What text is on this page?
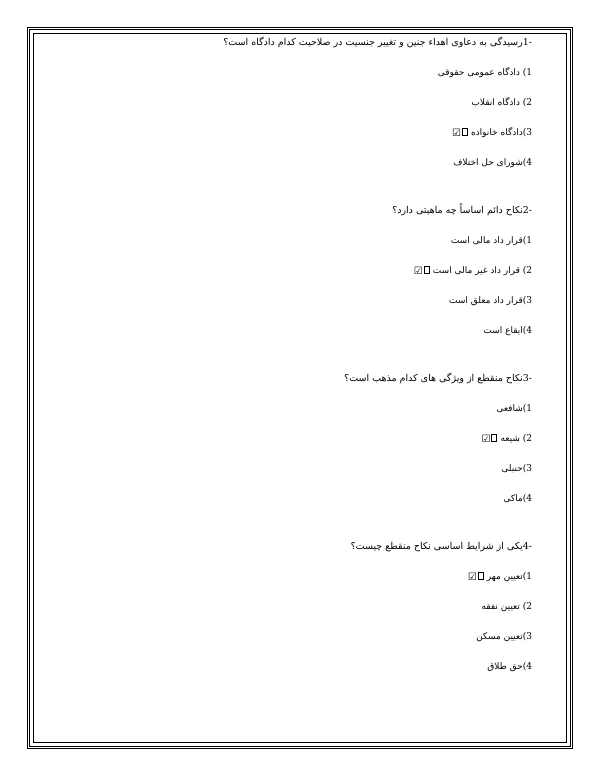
-1رسیدگی به دعاوی اهداء جنین و تغییر جنسیت در صلاحیت کدام دادگاه است؟

1) دادگاه عمومی حقوقی

2) دادگاه انقلاب

3)دادگاه خانواده☑

4)شورای حل اختلاف

-2نکاح دائم اساساً چه ماهیتی دارد؟

1)قرار داد مالی است

2) قرار داد غیر مالی است☑

3)قرار داد معلق است

4)ایقاع است

-3نکاح منقطع از ویژگی های کدام مذهب است؟

1)شافعی

2) شیعه☑

3)حنبلی

4)ماکی

-4یکی از شرایط اساسی نکاح منقطع چیست؟

1)تعیین مهر☑

2) تعیین نفقه

3)تعیین مسکن

4)حق طلاق
